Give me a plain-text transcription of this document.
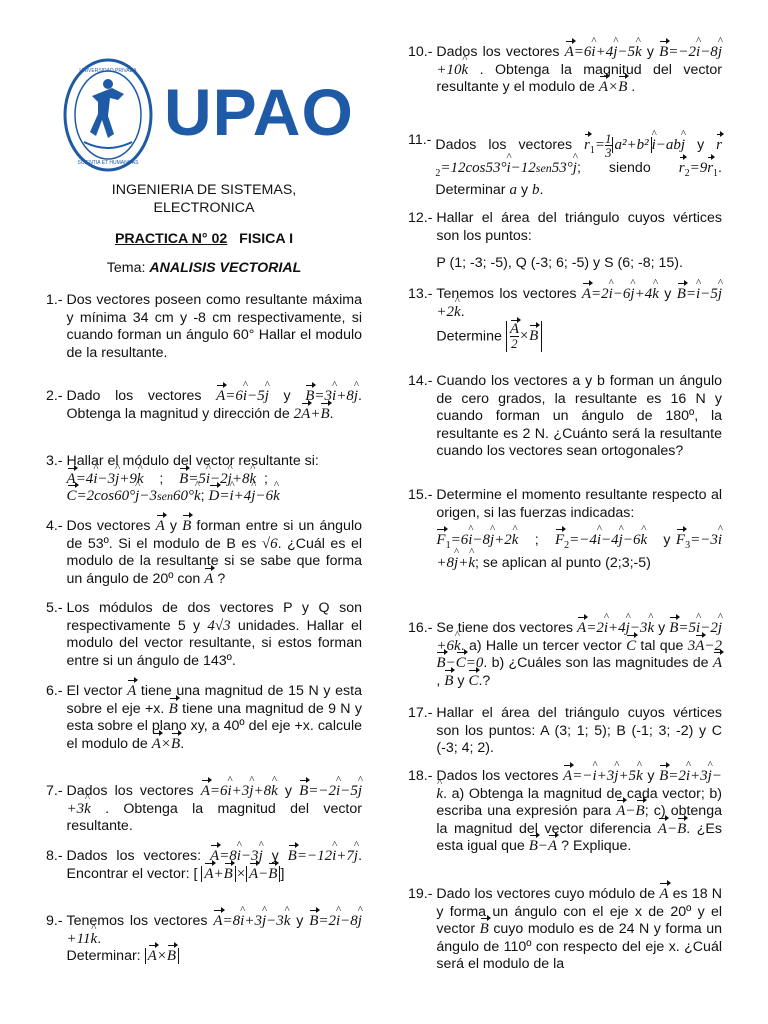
UNIVERSIDAD PRIVADA
SCIENTIA ET HUMANITAS
UPAO
INGENIERIA DE SISTEMAS,
ELECTRONICA
PRACTICA N° 02 FISICA I
Tema: ANALISIS VECTORIAL
1.-
Dos vectores poseen como resultante máxima y mínima 34 cm y -8 cm respectivamente, si cuando forman un ángulo 60° Hallar el modulo de la resultante.
2.-
Dado los vectores A=6^ i−5^ j y B=3^ i+8^ j. Obtenga la magnitud y dirección de 2A+B.
3.-
Hallar el módulo del vector resultante si:
A=4^ i−3^ j+9^ k    ;    B=5^ i−2^ j+8^ k  ;
C=2cos60°^ j−3sen60°^ k; D=^ i+4^ j−6^ k
4.-
Dos vectores A y B forman entre si un ángulo de 53º. Si el modulo de B es √6. ¿Cuál es el modulo de la resultante si se sabe que forma un ángulo de 20º con A ?
5.-
Los módulos de dos vectores P y Q son respectivamente 5 y 4√3 unidades. Hallar el modulo del vector resultante, si estos forman entre si un ángulo de 143º.
6.-
El vector A tiene una magnitud de 15 N y esta sobre el eje +x. B tiene una magnitud de 9 N y esta sobre el plano xy, a 40º del eje +x. calcule el modulo de A×B.
7.-
Dados los vectores A=6^ i+3^ j+8^ k y B=−2^ i−5^ j+3^ k . Obtenga la magnitud del vector resultante.
8.-
Dados los vectores: A=8^ i−3^ j y B=−12^ i+7^ j. Encontrar el vector: [ A+B × A−B ]
9.-
Tenemos los vectores A=8^ i+3^ j−3^ k y B=2^ i−8^ j+11^ k.
Determinar: A×B
10.-
Dados los vectores A=6^ i+4^ j−5^ k y B=−2^ i−8^ j+10^ k . Obtenga la magnitud del vector resultante y el modulo de A×B .
11.-
Dados los vectores $r_1= \frac{1}{3}$ a²+b²^ i−ab^ j y $r_2=12\cos 53^\circ\^{}$ i−12sen53°^ j; siendo $r_2=9r_1$. Determinar a y b.
12.-
Hallar el área del triángulo cuyos vértices son los puntos:
P (1; -3; -5), Q (-3; 6; -5) y S (6; -8; 15).
13.-
Tenemos los vectores A=2^ i−6^ j+4^ k y B=^ i−5^ j+2^ k.
Determine $\frac{A}{2} \times B$
14.-
Cuando los vectores a y b forman un ángulo de cero grados, la resultante es 16 N y cuando forman un ángulo de 180º, la resultante es 2 N. ¿Cuánto será la resultante cuando los vectores sean ortogonales?
15.-
Determine el momento resultante respecto al origen, si las fuerzas indicadas:
$F_1=6\^{}$ i−8^ j+2^ k   ;   $F_2=-4\^{}$ i−4^ j−6^ k y $F_3=-3\^{}$ i+8^ j+^ k; se aplican al punto (2;3;-5)
16.-
Se tiene dos vectores A=2^ i+4^ j−3^ k y B=5^ i−2^ j+6^ k. a) Halle un tercer vector C tal que 3A−2B−C=0. b) ¿Cuáles son las magnitudes de A , B y C.?
17.-
Hallar el área del triángulo cuyos vértices son los puntos: A (3; 1; 5); B (-1; 3; -2) y C (-3; 4; 2).
18.-
Dados los vectores A=−^ i+3^ j+5^ k y B=2^ i+3^ j−^ k. a) Obtenga la magnitud de cada vector; b) escriba una expresión para A−B; c) obtenga la magnitud del vector diferencia A−B. ¿Es esta igual que B−A ? Explique.
19.-
Dado los vectores cuyo módulo de A es 18 N y forma un ángulo con el eje x de 20º y el vector B cuyo modulo es de 24 N y forma un ángulo de 110º con respecto del eje x. ¿Cuál será el modulo de la
